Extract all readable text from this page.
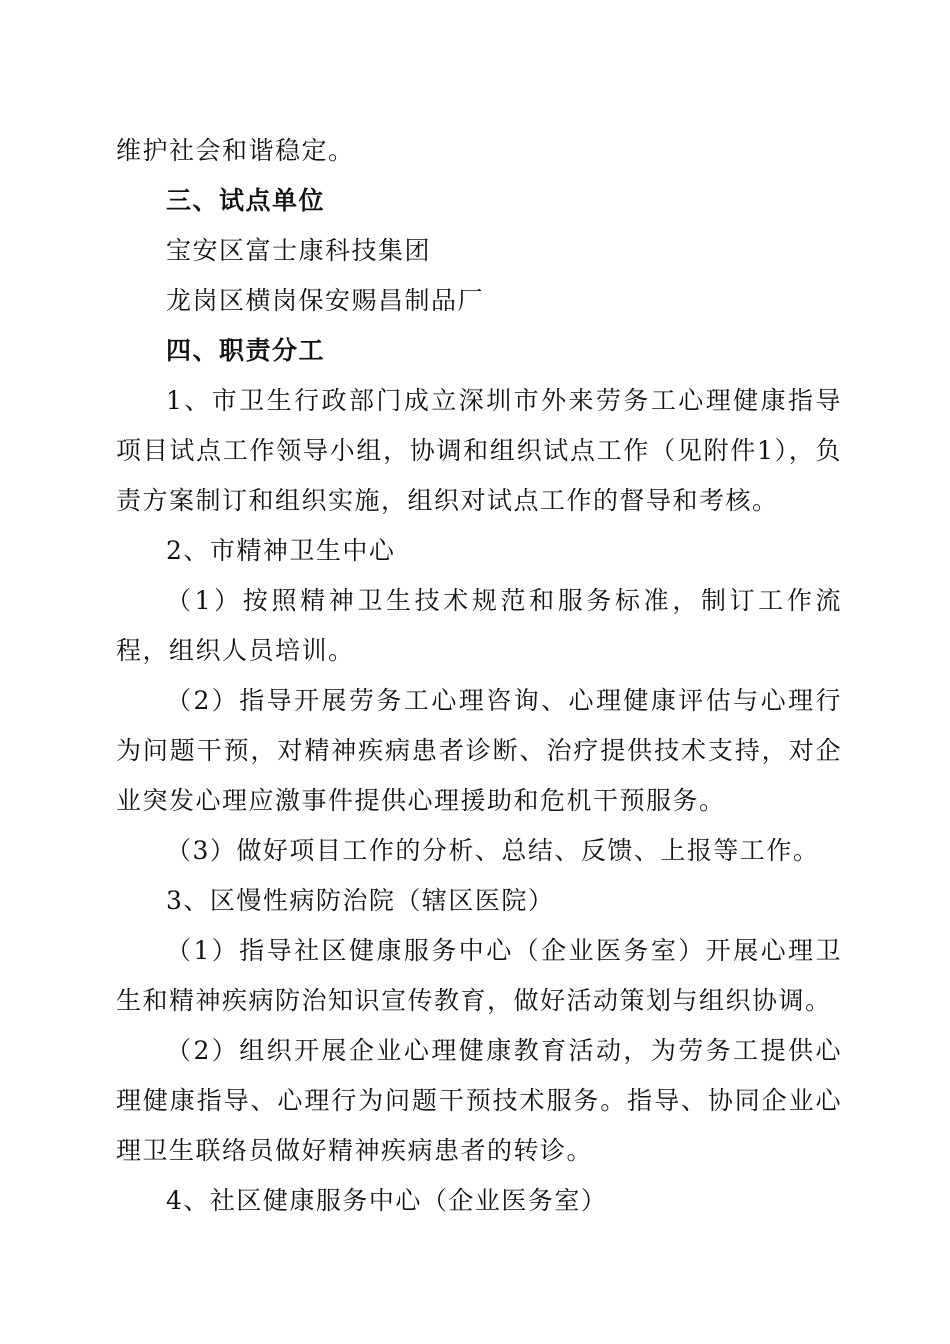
维护社会和谐稳定。

三、试点单位

宝安区富士康科技集团

龙岗区横岗保安赐昌制品厂

四、职责分工

1、市卫生行政部门成立深圳市外来劳务工心理健康指导项目试点工作领导小组，协调和组织试点工作（见附件1），负责方案制订和组织实施，组织对试点工作的督导和考核。

2、市精神卫生中心

（1）按照精神卫生技术规范和服务标准，制订工作流程，组织人员培训。

（2）指导开展劳务工心理咨询、心理健康评估与心理行为问题干预，对精神疾病患者诊断、治疗提供技术支持，对企业突发心理应激事件提供心理援助和危机干预服务。

（3）做好项目工作的分析、总结、反馈、上报等工作。

3、区慢性病防治院（辖区医院）

（1）指导社区健康服务中心（企业医务室）开展心理卫生和精神疾病防治知识宣传教育，做好活动策划与组织协调。

（2）组织开展企业心理健康教育活动，为劳务工提供心理健康指导、心理行为问题干预技术服务。指导、协同企业心理卫生联络员做好精神疾病患者的转诊。

4、社区健康服务中心（企业医务室）
